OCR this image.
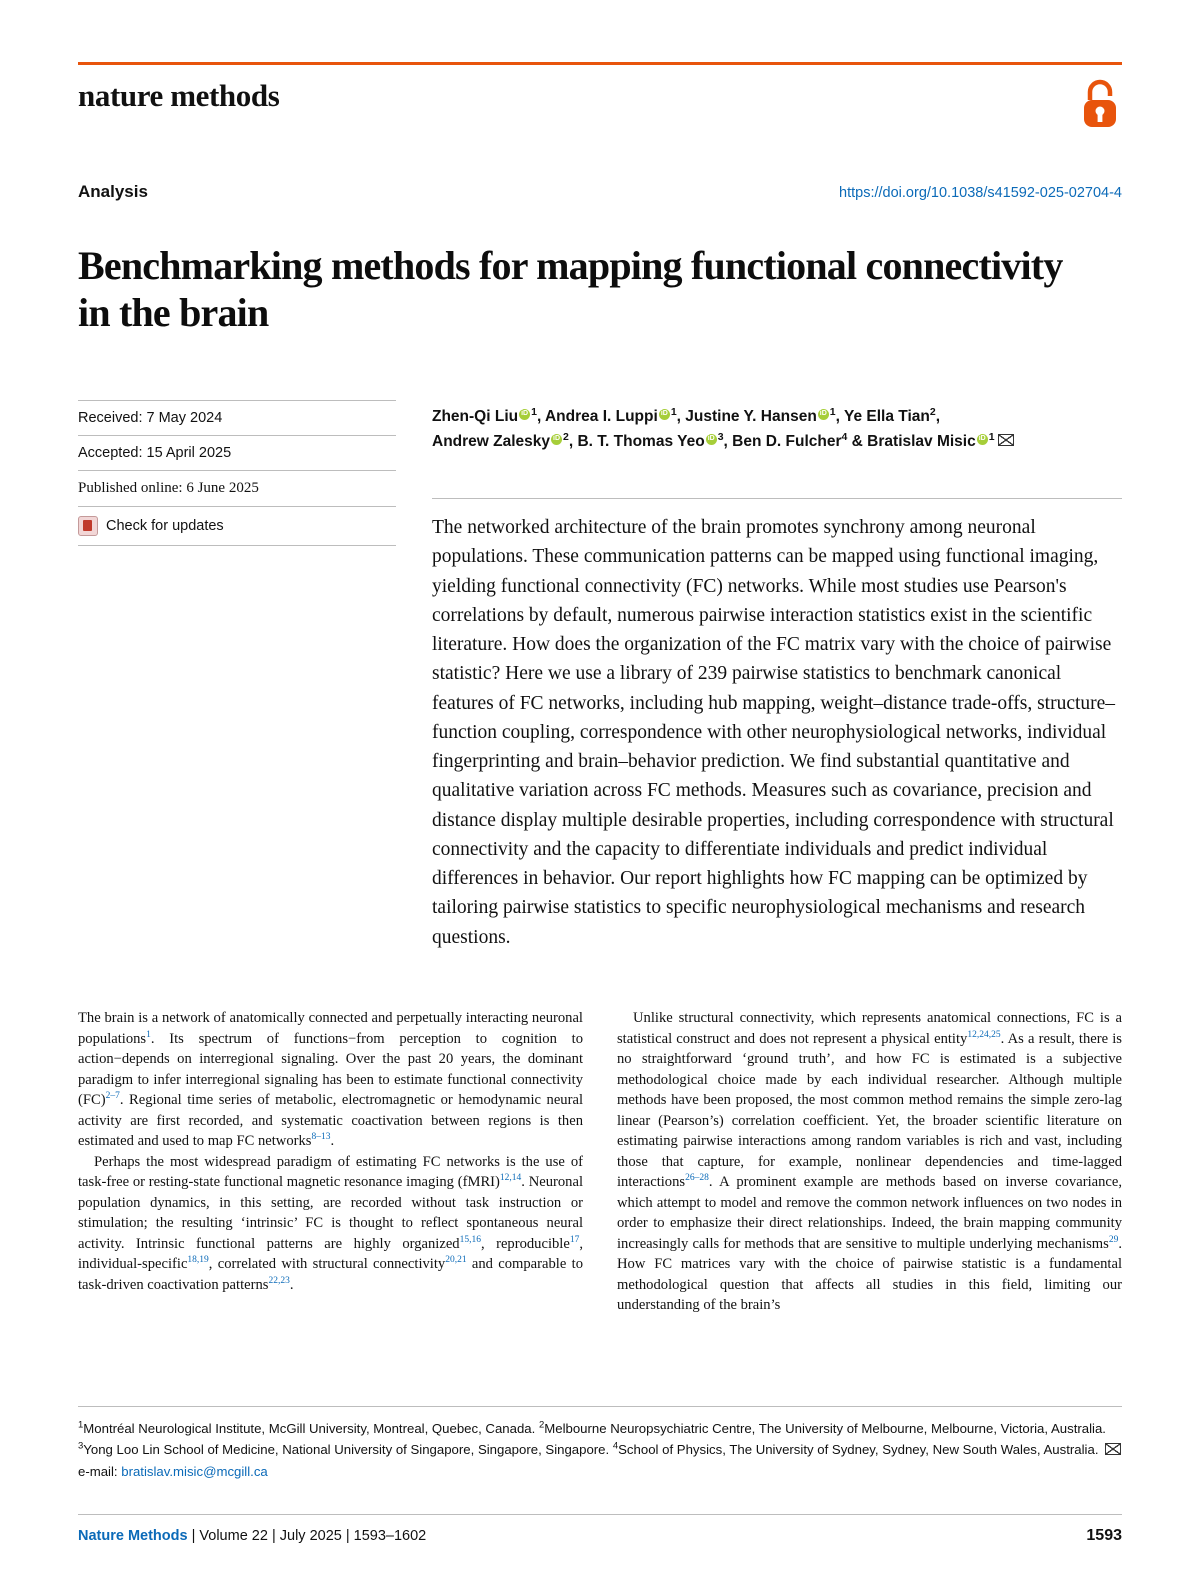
nature methods
Analysis	https://doi.org/10.1038/s41592-025-02704-4
Benchmarking methods for mapping functional connectivity in the brain
Received: 7 May 2024
Accepted: 15 April 2025
Published online: 6 June 2025
Check for updates
Zhen-Qi Liu iD $^1$, Andrea I. Luppi iD $^1$, Justine Y. Hansen iD $^1$, Ye Ella Tian$^2$,
Andrew Zalesky iD $^2$, B. T. Thomas Yeo iD $^3$, Ben D. Fulcher$^4$ & Bratislav Misic iD $^1$
The networked architecture of the brain promotes synchrony among neuronal populations. These communication patterns can be mapped using functional imaging, yielding functional connectivity (FC) networks. While most studies use Pearson's correlations by default, numerous pairwise interaction statistics exist in the scientific literature. How does the organization of the FC matrix vary with the choice of pairwise statistic? Here we use a library of 239 pairwise statistics to benchmark canonical features of FC networks, including hub mapping, weight–distance trade-offs, structure–function coupling, correspondence with other neurophysiological networks, individual fingerprinting and brain–behavior prediction. We find substantial quantitative and qualitative variation across FC methods. Measures such as covariance, precision and distance display multiple desirable properties, including correspondence with structural connectivity and the capacity to differentiate individuals and predict individual differences in behavior. Our report highlights how FC mapping can be optimized by tailoring pairwise statistics to specific neurophysiological mechanisms and research questions.

The brain is a network of anatomically connected and perpetually interacting neuronal populations$^1$. Its spectrum of functions−from perception to cognition to action−depends on interregional signaling. Over the past 20 years, the dominant paradigm to infer interregional signaling has been to estimate functional connectivity (FC)$^{2-7}$. Regional time series of metabolic, electromagnetic or hemodynamic neural activity are first recorded, and systematic coactivation between regions is then estimated and used to map FC networks$^{8-13}$.

Perhaps the most widespread paradigm of estimating FC networks is the use of task-free or resting-state functional magnetic resonance imaging (fMRI)$^{12,14}$. Neuronal population dynamics, in this setting, are recorded without task instruction or stimulation; the resulting ‘intrinsic’ FC is thought to reflect spontaneous neural activity. Intrinsic functional patterns are highly organized$^{15,16}$, reproducible$^{17}$, individual-specific$^{18,19}$, correlated with structural connectivity$^{20,21}$ and comparable to task-driven coactivation patterns$^{22,23}$.

Unlike structural connectivity, which represents anatomical connections, FC is a statistical construct and does not represent a physical entity$^{12,24,25}$. As a result, there is no straightforward ‘ground truth’, and how FC is estimated is a subjective methodological choice made by each individual researcher. Although multiple methods have been proposed, the most common method remains the simple zero-lag linear (Pearson’s) correlation coefficient. Yet, the broader scientific literature on estimating pairwise interactions among random variables is rich and vast, including those that capture, for example, nonlinear dependencies and time-lagged interactions$^{26-28}$. A prominent example are methods based on inverse covariance, which attempt to model and remove the common network influences on two nodes in order to emphasize their direct relationships. Indeed, the brain mapping community increasingly calls for methods that are sensitive to multiple underlying mechanisms$^{29}$. How FC matrices vary with the choice of pairwise statistic is a fundamental methodological question that affects all studies in this field, limiting our understanding of the brain’s

$^1$Montréal Neurological Institute, McGill University, Montreal, Quebec, Canada. $^2$Melbourne Neuropsychiatric Centre, The University of Melbourne, Melbourne, Victoria, Australia. $^3$Yong Loo Lin School of Medicine, National University of Singapore, Singapore, Singapore. $^4$School of Physics, The University of Sydney, Sydney, New South Wales, Australia. e-mail: bratislav.misic@mcgill.ca
Nature Methods | Volume 22 | July 2025 | 1593–1602	1593
